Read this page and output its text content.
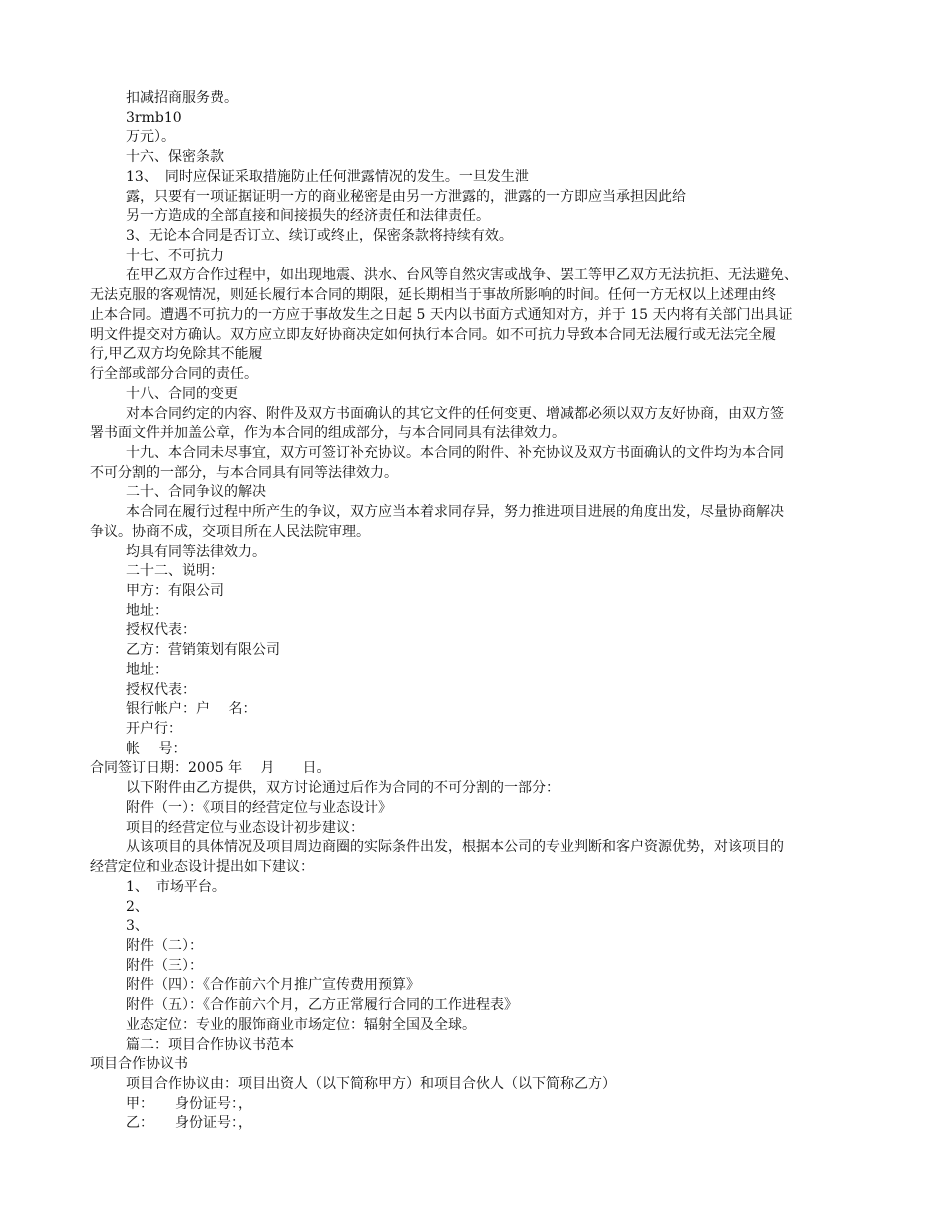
扣减招商服务费。
3rmb10
万元）。
十六、保密条款
13、　同时应保证采取措施防止任何泄露情况的发生。一旦发生泄
露，只要有一项证据证明一方的商业秘密是由另一方泄露的，泄露的一方即应当承担因此给
另一方造成的全部直接和间接损失的经济责任和法律责任。
3、无论本合同是否订立、续订或终止，保密条款将持续有效。
十七、不可抗力
在甲乙双方合作过程中，如出现地震、洪水、台风等自然灾害或战争、罢工等甲乙双方无法抗拒、无法避免、
无法克服的客观情况，则延长履行本合同的期限，延长期相当于事故所影响的时间。任何一方无权以上述理由终
止本合同。遭遇不可抗力的一方应于事故发生之日起 5 天内以书面方式通知对方，并于 15 天内将有关部门出具证
明文件提交对方确认。双方应立即友好协商决定如何执行本合同。如不可抗力导致本合同无法履行或无法完全履
行,甲乙双方均免除其不能履
行全部或部分合同的责任。
十八、合同的变更
对本合同约定的内容、附件及双方书面确认的其它文件的任何变更、增减都必须以双方友好协商，由双方签
署书面文件并加盖公章，作为本合同的组成部分，与本合同同具有法律效力。
十九、本合同未尽事宜，双方可签订补充协议。本合同的附件、补充协议及双方书面确认的文件均为本合同
不可分割的一部分，与本合同具有同等法律效力。
二十、合同争议的解决
本合同在履行过程中所产生的争议，双方应当本着求同存异，努力推进项目进展的角度出发，尽量协商解决
争议。协商不成，交项目所在人民法院审理。
均具有同等法律效力。
二十二、说明：
甲方：有限公司
地址：
授权代表：
乙方：营销策划有限公司
地址：
授权代表：
银行帐户：户　 名：
开户行：
帐　 号：
合同签订日期：2005 年　 月　　日。
以下附件由乙方提供，双方讨论通过后作为合同的不可分割的一部分：
附件（一）：《项目的经营定位与业态设计》
项目的经营定位与业态设计初步建议：
从该项目的具体情况及项目周边商圈的实际条件出发，根据本公司的专业判断和客户资源优势，对该项目的
经营定位和业态设计提出如下建议：
1、　市场平台。
2、
3、
附件（二）：
附件（三）：
附件（四）：《合作前六个月推广宣传费用预算》
附件（五）：《合作前六个月，乙方正常履行合同的工作进程表》
业态定位：专业的服饰商业市场定位：辐射全国及全球。
篇二：项目合作协议书范本
项目合作协议书
项目合作协议由：项目出资人（以下简称甲方）和项目合伙人（以下简称乙方）
甲：　　身份证号：，
乙：　　身份证号：，
